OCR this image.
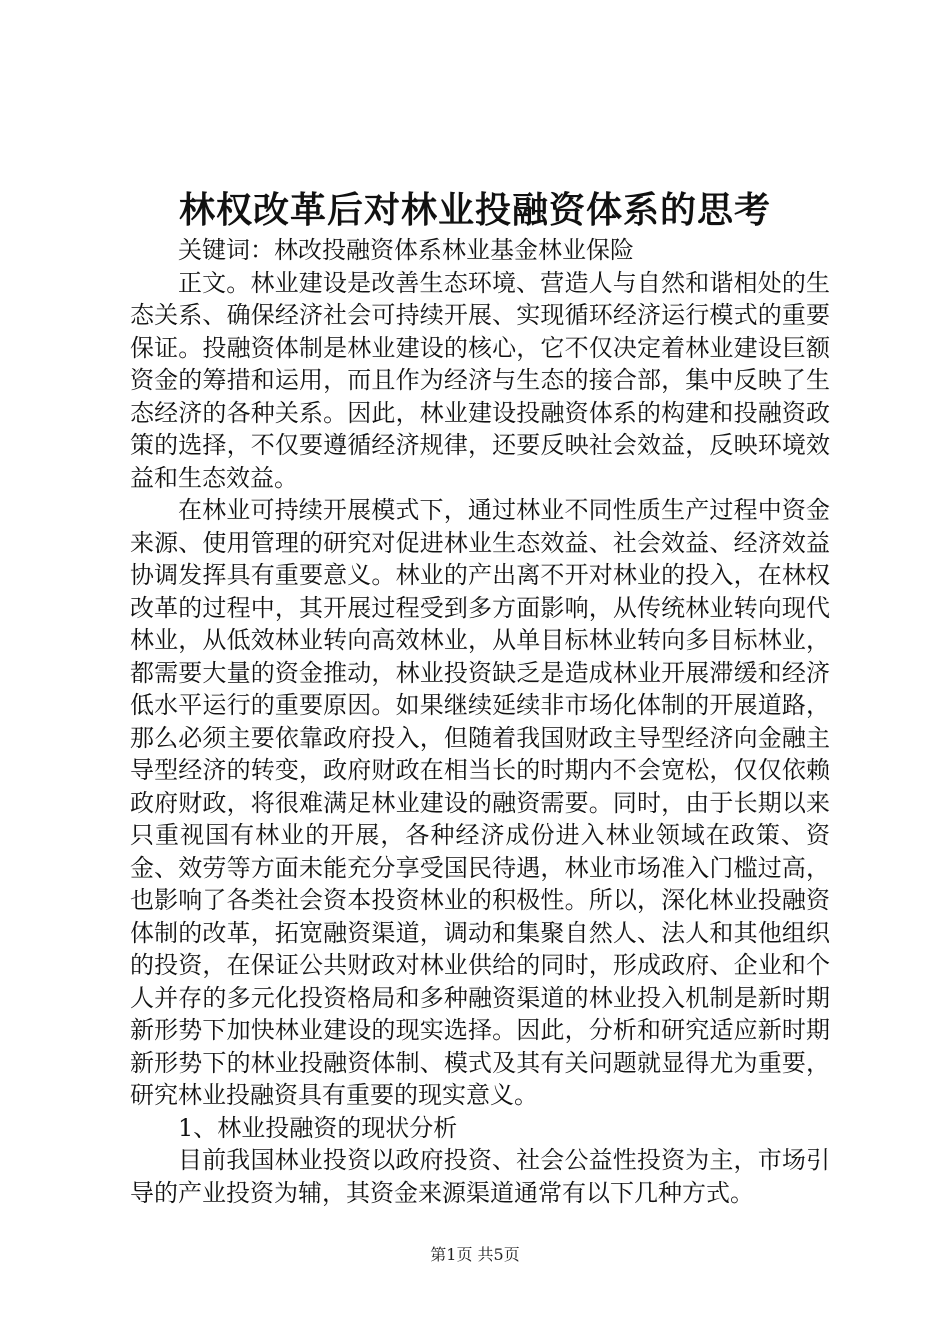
林权改革后对林业投融资体系的思考

关键词：林改投融资体系林业基金林业保险

正文。林业建设是改善生态环境、营造人与自然和谐相处的生态关系、确保经济社会可持续开展、实现循环经济运行模式的重要保证。投融资体制是林业建设的核心，它不仅决定着林业建设巨额资金的筹措和运用，而且作为经济与生态的接合部，集中反映了生态经济的各种关系。因此，林业建设投融资体系的构建和投融资政策的选择，不仅要遵循经济规律，还要反映社会效益，反映环境效益和生态效益。

在林业可持续开展模式下，通过林业不同性质生产过程中资金来源、使用管理的研究对促进林业生态效益、社会效益、经济效益协调发挥具有重要意义。林业的产出离不开对林业的投入，在林权改革的过程中，其开展过程受到多方面影响，从传统林业转向现代林业，从低效林业转向高效林业，从单目标林业转向多目标林业，都需要大量的资金推动，林业投资缺乏是造成林业开展滞缓和经济低水平运行的重要原因。如果继续延续非市场化体制的开展道路，那么必须主要依靠政府投入，但随着我国财政主导型经济向金融主导型经济的转变，政府财政在相当长的时期内不会宽松，仅仅依赖政府财政，将很难满足林业建设的融资需要。同时，由于长期以来只重视国有林业的开展，各种经济成份进入林业领域在政策、资金、效劳等方面未能充分享受国民待遇，林业市场准入门槛过高，也影响了各类社会资本投资林业的积极性。所以，深化林业投融资体制的改革，拓宽融资渠道，调动和集聚自然人、法人和其他组织的投资，在保证公共财政对林业供给的同时，形成政府、企业和个人并存的多元化投资格局和多种融资渠道的林业投入机制是新时期新形势下加快林业建设的现实选择。因此，分析和研究适应新时期新形势下的林业投融资体制、模式及其有关问题就显得尤为重要，研究林业投融资具有重要的现实意义。

1、林业投融资的现状分析

目前我国林业投资以政府投资、社会公益性投资为主，市场引导的产业投资为辅，其资金来源渠道通常有以下几种方式。

第1页 共5页
